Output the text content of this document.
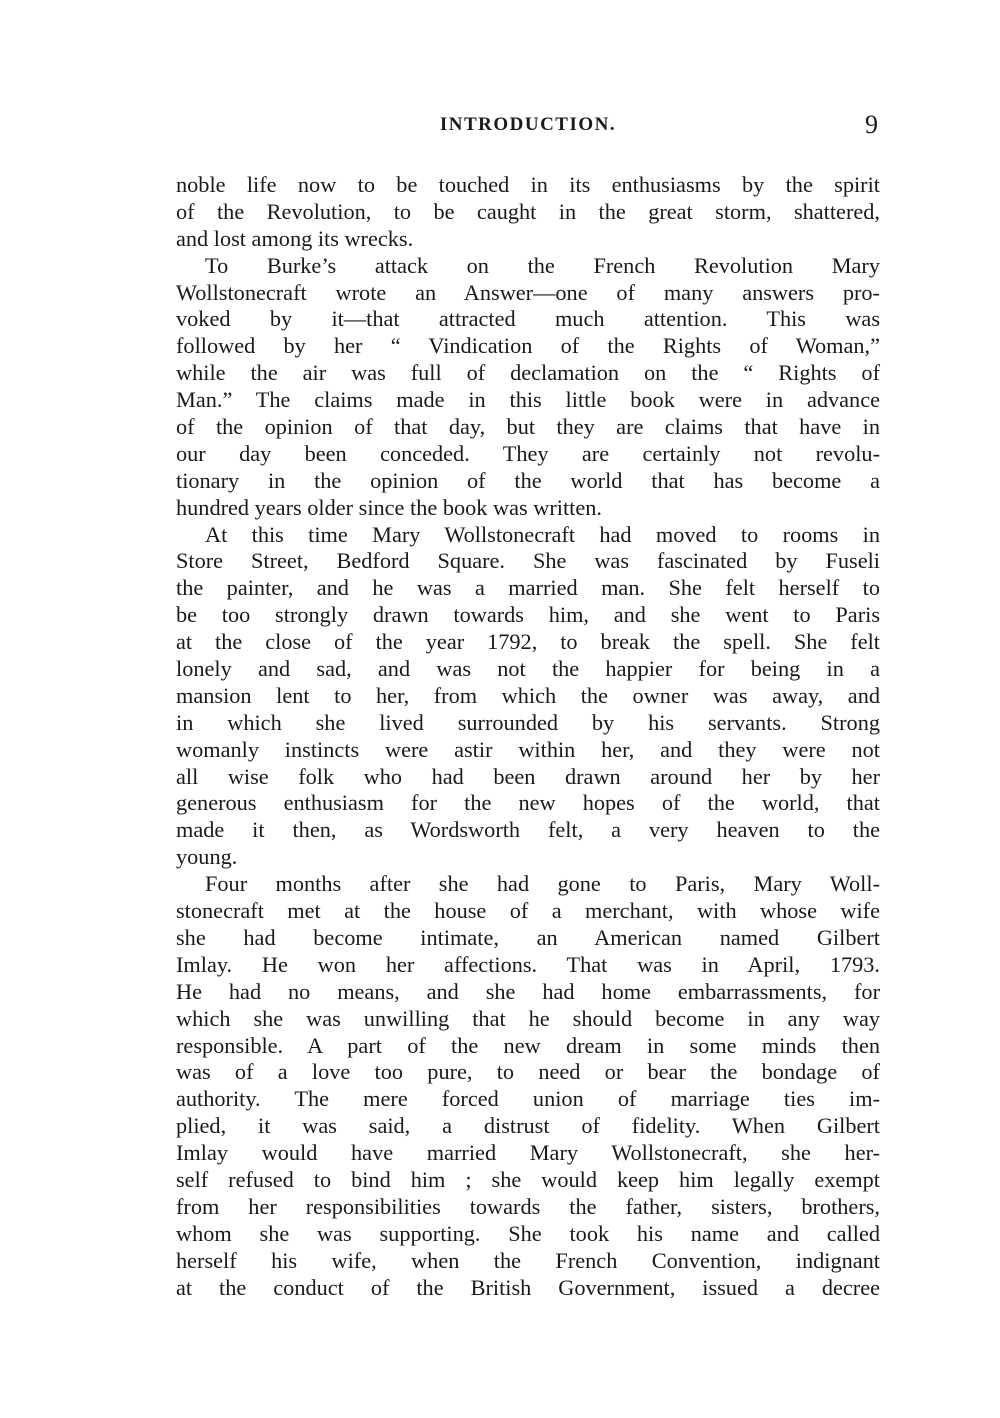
INTRODUCTION.	9
noble life now to be touched in its enthusiasms by the spirit
of the Revolution, to be caught in the great storm, shattered,
and lost among its wrecks.
To Burke’s attack on the French Revolution Mary
Wollstonecraft wrote an Answer—one of many answers pro-
voked by it—that attracted much attention. This was
followed by her “ Vindication of the Rights of Woman,”
while the air was full of declamation on the “ Rights of
Man.” The claims made in this little book were in advance
of the opinion of that day, but they are claims that have in
our day been conceded. They are certainly not revolu-
tionary in the opinion of the world that has become a
hundred years older since the book was written.
At this time Mary Wollstonecraft had moved to rooms in
Store Street, Bedford Square. She was fascinated by Fuseli
the painter, and he was a married man. She felt herself to
be too strongly drawn towards him, and she went to Paris
at the close of the year 1792, to break the spell. She felt
lonely and sad, and was not the happier for being in a
mansion lent to her, from which the owner was away, and
in which she lived surrounded by his servants. Strong
womanly instincts were astir within her, and they were not
all wise folk who had been drawn around her by her
generous enthusiasm for the new hopes of the world, that
made it then, as Wordsworth felt, a very heaven to the
young.
Four months after she had gone to Paris, Mary Woll-
stonecraft met at the house of a merchant, with whose wife
she had become intimate, an American named Gilbert
Imlay. He won her affections. That was in April, 1793.
He had no means, and she had home embarrassments, for
which she was unwilling that he should become in any way
responsible. A part of the new dream in some minds then
was of a love too pure, to need or bear the bondage of
authority. The mere forced union of marriage ties im-
plied, it was said, a distrust of fidelity. When Gilbert
Imlay would have married Mary Wollstonecraft, she her-
self refused to bind him ; she would keep him legally exempt
from her responsibilities towards the father, sisters, brothers,
whom she was supporting. She took his name and called
herself his wife, when the French Convention, indignant
at the conduct of the British Government, issued a decree
